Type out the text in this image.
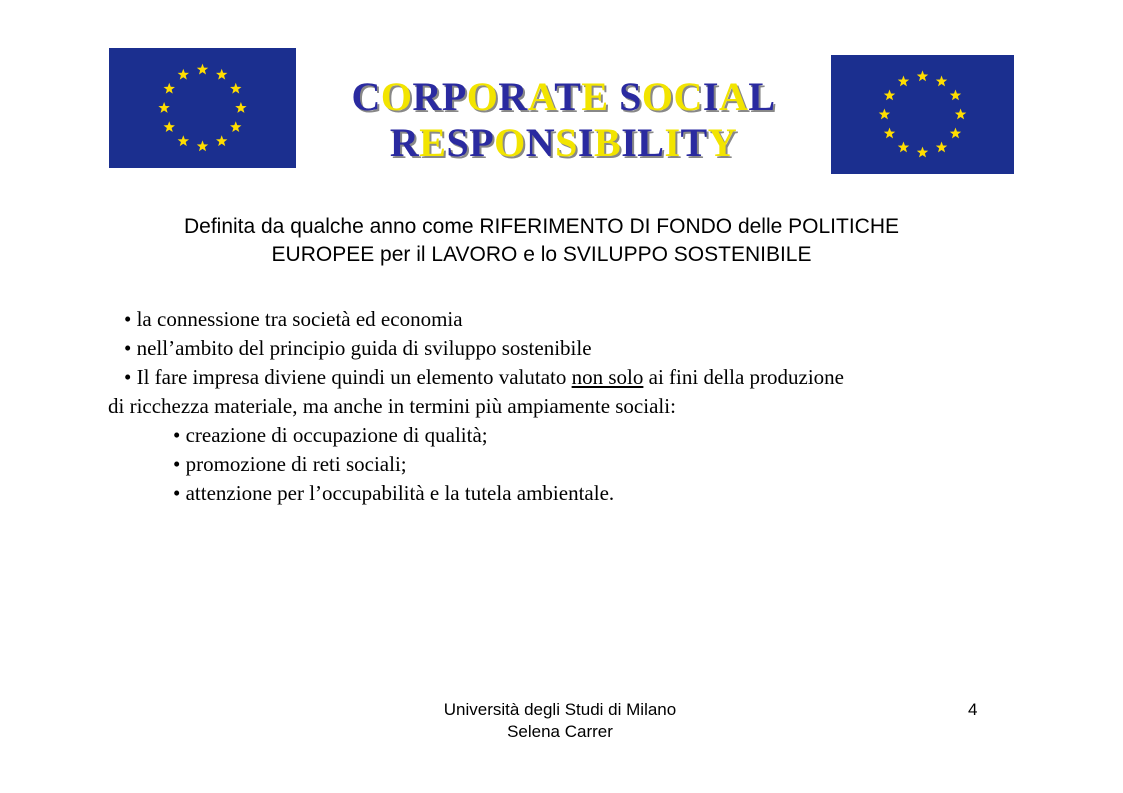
CORPORATE SOCIAL
RESPONSIBILITY
Definita da qualche anno come RIFERIMENTO DI FONDO delle POLITICHE
EUROPEE per il LAVORO e lo SVILUPPO SOSTENIBILE
• la connessione tra società ed economia
• nell’ambito del principio guida di sviluppo sostenibile
• Il fare impresa diviene quindi un elemento valutato non solo ai fini della produzione
di ricchezza materiale, ma anche in termini più ampiamente sociali:
• creazione di occupazione di qualità;
• promozione di reti sociali;
• attenzione per l’occupabilità e la tutela ambientale.
Università degli Studi di Milano
Selena Carrer
4
